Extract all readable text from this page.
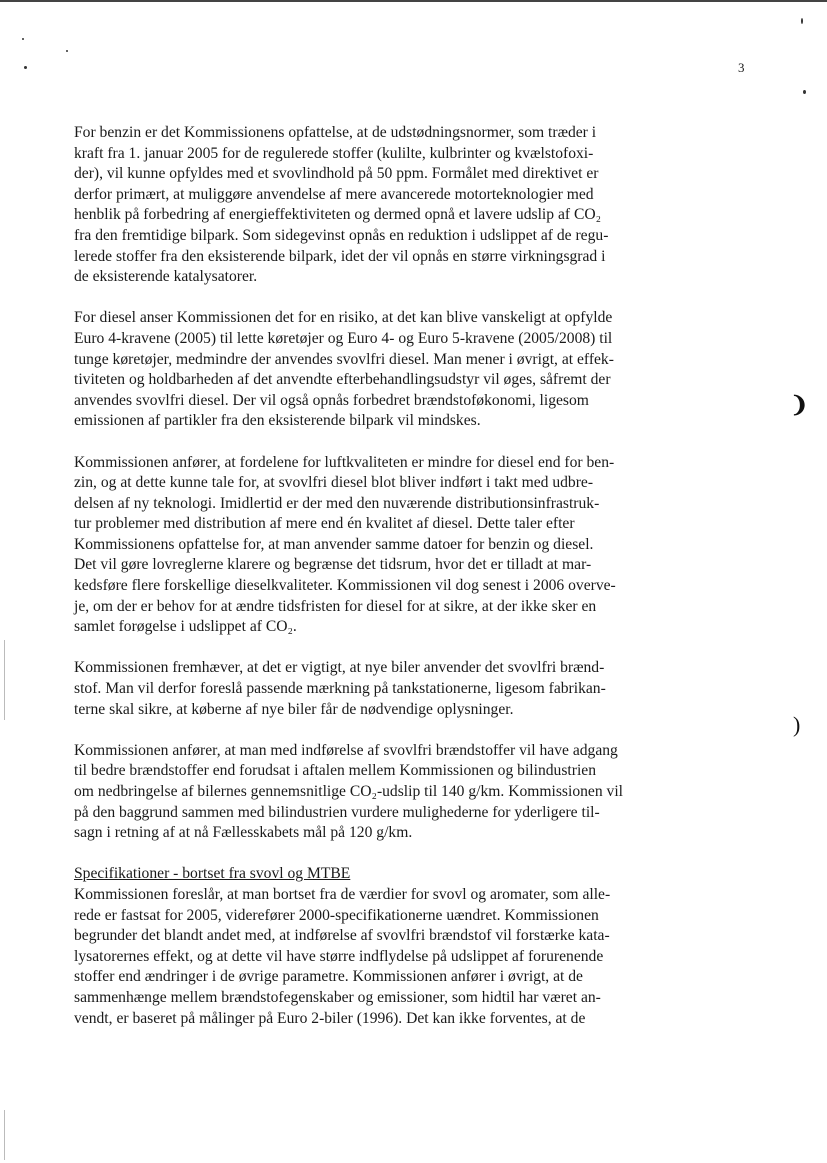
❩
)
3
For benzin er det Kommissionens opfattelse, at de udstødningsnormer, som træder i
kraft fra 1. januar 2005 for de regulerede stoffer (kulilte, kulbrinter og kvælstofoxi-
der), vil kunne opfyldes med et svovlindhold på 50 ppm. Formålet med direktivet er
derfor primært, at muliggøre anvendelse af mere avancerede motorteknologier med
henblik på forbedring af energieffektiviteten og dermed opnå et lavere udslip af CO₂
fra den fremtidige bilpark. Som sidegevinst opnås en reduktion i udslippet af de regu-
lerede stoffer fra den eksisterende bilpark, idet der vil opnås en større virkningsgrad i
de eksisterende katalysatorer.
For diesel anser Kommissionen det for en risiko, at det kan blive vanskeligt at opfylde
Euro 4-kravene (2005) til lette køretøjer og Euro 4- og Euro 5-kravene (2005/2008) til
tunge køretøjer, medmindre der anvendes svovlfri diesel. Man mener i øvrigt, at effek-
tiviteten og holdbarheden af det anvendte efterbehandlingsudstyr vil øges, såfremt der
anvendes svovlfri diesel. Der vil også opnås forbedret brændstoføkonomi, ligesom
emissionen af partikler fra den eksisterende bilpark vil mindskes.
Kommissionen anfører, at fordelene for luftkvaliteten er mindre for diesel end for ben-
zin, og at dette kunne tale for, at svovlfri diesel blot bliver indført i takt med udbre-
delsen af ny teknologi. Imidlertid er der med den nuværende distributionsinfrastruk-
tur problemer med distribution af mere end én kvalitet af diesel. Dette taler efter
Kommissionens opfattelse for, at man anvender samme datoer for benzin og diesel.
Det vil gøre lovreglerne klarere og begrænse det tidsrum, hvor det er tilladt at mar-
kedsføre flere forskellige dieselkvaliteter. Kommissionen vil dog senest i 2006 overve-
je, om der er behov for at ændre tidsfristen for diesel for at sikre, at der ikke sker en
samlet forøgelse i udslippet af CO₂.
Kommissionen fremhæver, at det er vigtigt, at nye biler anvender det svovlfri brænd-
stof. Man vil derfor foreslå passende mærkning på tankstationerne, ligesom fabrikan-
terne skal sikre, at køberne af nye biler får de nødvendige oplysninger.
Kommissionen anfører, at man med indførelse af svovlfri brændstoffer vil have adgang
til bedre brændstoffer end forudsat i aftalen mellem Kommissionen og bilindustrien
om nedbringelse af bilernes gennemsnitlige CO₂-udslip til 140 g/km. Kommissionen vil
på den baggrund sammen med bilindustrien vurdere mulighederne for yderligere til-
sagn i retning af at nå Fællesskabets mål på 120 g/km.
Specifikationer - bortset fra svovl og MTBE
Kommissionen foreslår, at man bortset fra de værdier for svovl og aromater, som alle-
rede er fastsat for 2005, viderefører 2000-specifikationerne uændret. Kommissionen
begrunder det blandt andet med, at indførelse af svovlfri brændstof vil forstærke kata-
lysatorernes effekt, og at dette vil have større indflydelse på udslippet af forurenende
stoffer end ændringer i de øvrige parametre. Kommissionen anfører i øvrigt, at de
sammenhænge mellem brændstofegenskaber og emissioner, som hidtil har været an-
vendt, er baseret på målinger på Euro 2-biler (1996). Det kan ikke forventes, at de
